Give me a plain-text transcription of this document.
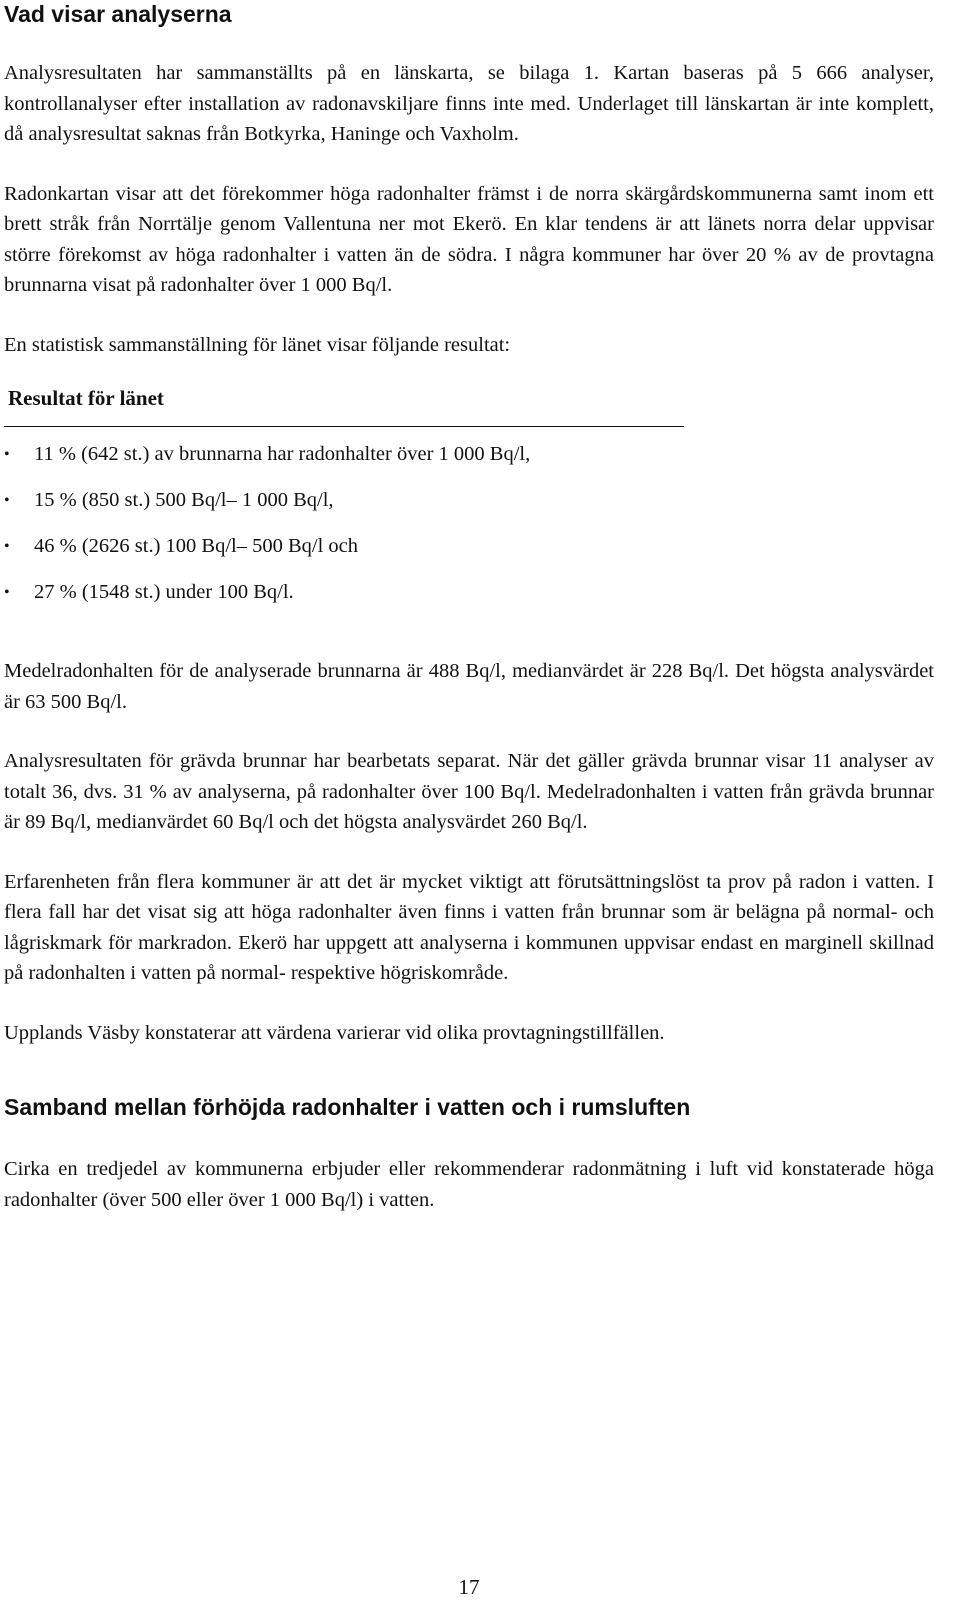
Vad visar analyserna

Analysresultaten har sammanställts på en länskarta, se bilaga 1. Kartan baseras på 5 666 analyser, kontrollanalyser efter installation av radonavskiljare finns inte med. Underlaget till länskartan är inte komplett, då analysresultat saknas från Botkyrka, Haninge och Vaxholm.

Radonkartan visar att det förekommer höga radonhalter främst i de norra skärgårdskommunerna samt inom ett brett stråk från Norrtälje genom Vallentuna ner mot Ekerö. En klar tendens är att länets norra delar uppvisar större förekomst av höga radonhalter i vatten än de södra. I några kommuner har över 20 % av de provtagna brunnarna visat på radonhalter över 1 000 Bq/l.

En statistisk sammanställning för länet visar följande resultat:

Resultat för länet
• 11 % (642 st.) av brunnarna har radonhalter över 1 000 Bq/l,
• 15 % (850 st.) 500 Bq/l– 1 000 Bq/l,
• 46 % (2626 st.) 100 Bq/l– 500 Bq/l och
• 27 % (1548 st.) under 100 Bq/l.

Medelradonhalten för de analyserade brunnarna är 488 Bq/l, medianvärdet är 228 Bq/l. Det högsta analysvärdet är 63 500 Bq/l.

Analysresultaten för grävda brunnar har bearbetats separat. När det gäller grävda brunnar visar 11 analyser av totalt 36, dvs. 31 % av analyserna, på radonhalter över 100 Bq/l. Medelradonhalten i vatten från grävda brunnar är 89 Bq/l, medianvärdet 60 Bq/l och det högsta analysvärdet 260 Bq/l.

Erfarenheten från flera kommuner är att det är mycket viktigt att förutsättningslöst ta prov på radon i vatten. I flera fall har det visat sig att höga radonhalter även finns i vatten från brunnar som är belägna på normal- och lågriskmark för markradon. Ekerö har uppgett att analyserna i kommunen uppvisar endast en marginell skillnad på radonhalten i vatten på normal- respektive högriskområde.

Upplands Väsby konstaterar att värdena varierar vid olika provtagningstillfällen.

Samband mellan förhöjda radonhalter i vatten och i rumsluften

Cirka en tredjedel av kommunerna erbjuder eller rekommenderar radonmätning i luft vid konstaterade höga radonhalter (över 500 eller över 1 000 Bq/l) i vatten.

17
